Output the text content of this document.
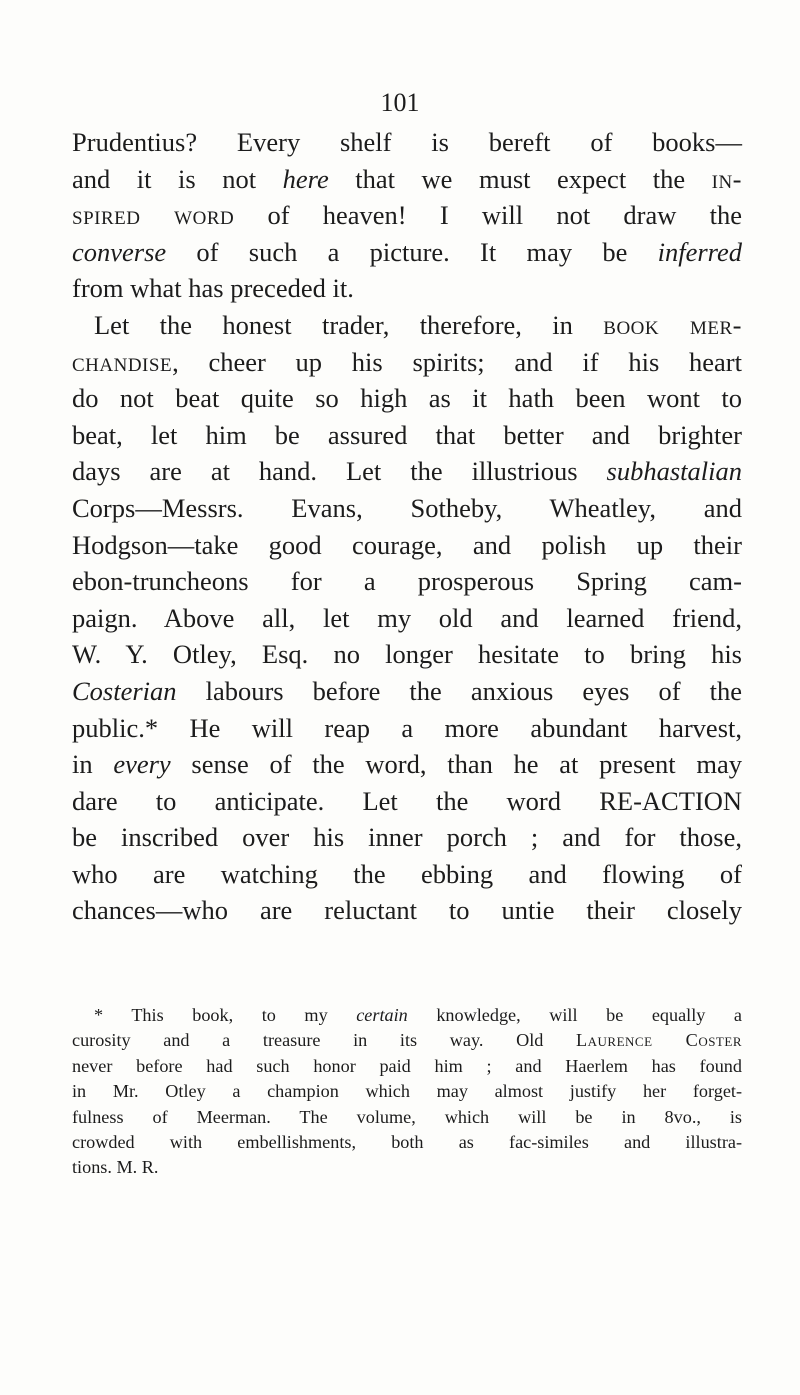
101
Prudentius? Every shelf is bereft of books—
and it is not here that we must expect the in-
spired word of heaven! I will not draw the
converse of such a picture. It may be inferred
from what has preceded it.
Let the honest trader, therefore, in book mer-
chandise, cheer up his spirits; and if his heart
do not beat quite so high as it hath been wont to
beat, let him be assured that better and brighter
days are at hand. Let the illustrious subhastalian
Corps—Messrs. Evans, Sotheby, Wheatley, and
Hodgson—take good courage, and polish up their
ebon-truncheons for a prosperous Spring cam-
paign. Above all, let my old and learned friend,
W. Y. Otley, Esq. no longer hesitate to bring his
Costerian labours before the anxious eyes of the
public.* He will reap a more abundant harvest,
in every sense of the word, than he at present may
dare to anticipate. Let the word RE-ACTION
be inscribed over his inner porch ; and for those,
who are watching the ebbing and flowing of
chances—who are reluctant to untie their closely
* This book, to my certain knowledge, will be equally a
curosity and a treasure in its way. Old Laurence Coster
never before had such honor paid him ; and Haerlem has found
in Mr. Otley a champion which may almost justify her forget-
fulness of Meerman. The volume, which will be in 8vo., is
crowded with embellishments, both as fac-similes and illustra-
tions. M. R.
